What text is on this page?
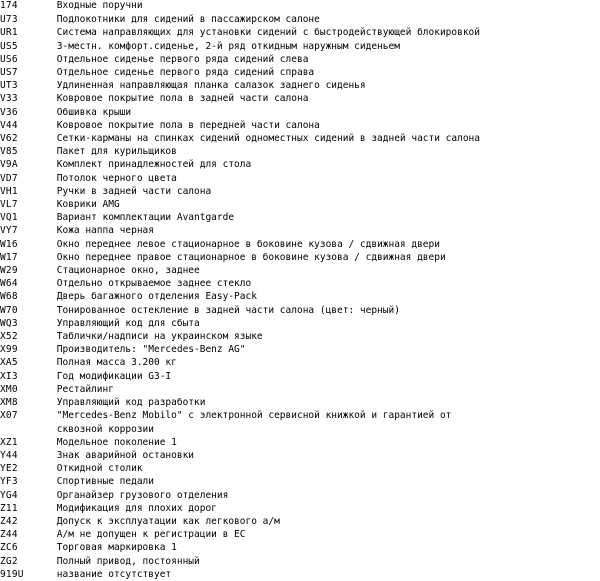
174	Входные поручни
U73	Подлокотники для сидений в пассажирском салоне
UR1	Система направляющих для установки сидений с быстродействующей блокировкой
US5	3-местн. комфорт.сиденье, 2-й ряд откидным наружным сиденьем
US6	Отдельное сиденье первого ряда сидений слева
US7	Отдельное сиденье первого ряда сидений справа
UT3	Удлиненная направляющая планка салазок заднего сиденья
V33	Ковровое покрытие пола в задней части салона
V36	Обшивка крыши
V44	Ковровое покрытие пола в передней части салона
V62	Сетки-карманы на спинках сидений одноместных сидений в задней части салона
V85	Пакет для курильщиков
V9A	Комплект принадлежностей для стола
VD7	Потолок черного цвета
VH1	Ручки в задней части салона
VL7	Коврики AMG
VQ1	Вариант комплектации Avantgarde
VY7	Кожа наппа черная
W16	Окно переднее левое стационарное в боковине кузова / сдвижная двери
W17	Окно переднее правое стационарное в боковине кузова / сдвижная двери
W29	Стационарное окно, заднее
W64	Отдельно открываемое заднее стекло
W68	Дверь багажного отделения Easy-Pack
W70	Тонированное остекление в задней части салона (цвет: черный)
WQ3	Управляющий код для сбыта
X52	Таблички/надписи на украинском языке
X99	Производитель: "Mercedes-Benz AG"
XA5	Полная масса 3.200 кг
XI3	Год модификации G3-I
XM0	Рестайлинг
XM8	Управляющий код разработки
X07	"Mercedes-Benz Mobilo" с электронной сервисной книжкой и гарантией от
	сквозной коррозии
XZ1	Модельное поколение 1
Y44	Знак аварийной остановки
YE2	Откидной столик
YF3	Спортивные педали
YG4	Органайзер грузового отделения
Z11	Модификация для плохих дорог
Z42	Допуск к эксплуатации как легкового а/м
Z44	А/м не допущен к регистрации в ЕС
ZC6	Торговая маркировка 1
ZG2	Полный привод, постоянный
919U	название отсутствует
